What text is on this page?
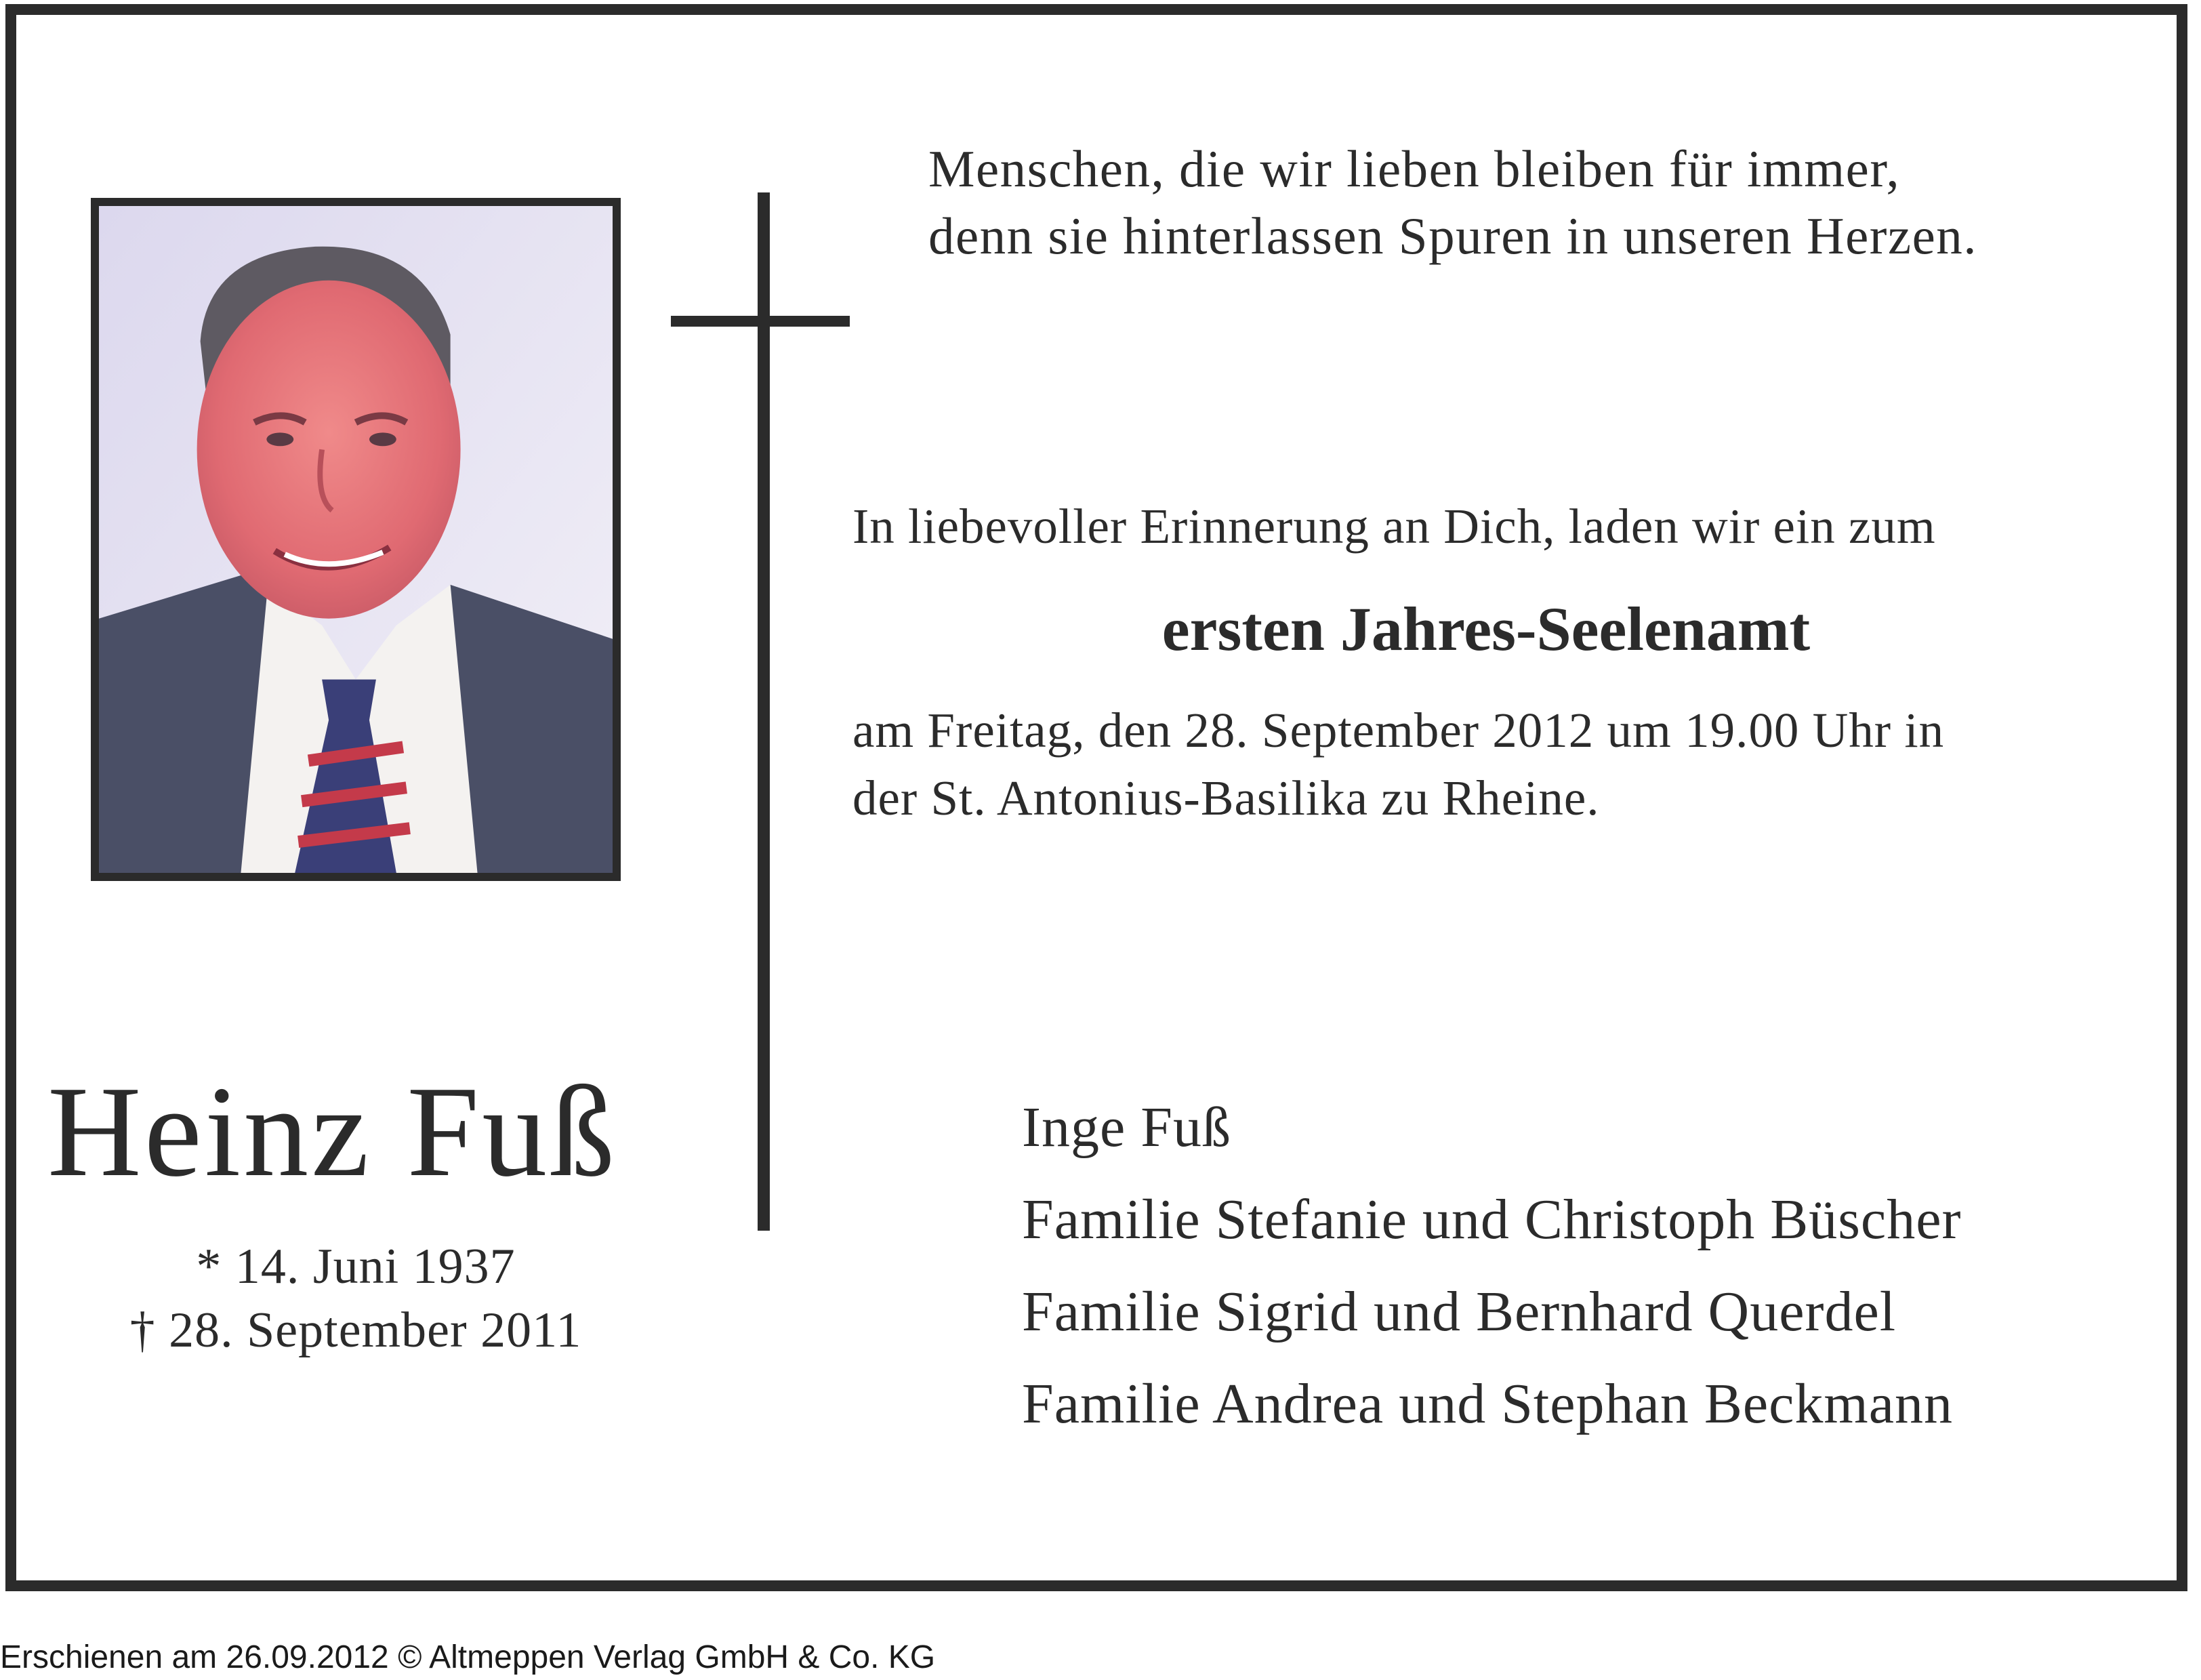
Menschen, die wir lieben bleiben für immer,
denn sie hinterlassen Spuren in unseren Herzen.
In liebevoller Erinnerung an Dich, laden wir ein zum
ersten Jahres-Seelenamt
am Freitag, den 28. September 2012 um 19.00 Uhr in
der St. Antonius-Basilika zu Rheine.
Heinz Fuß
* 14. Juni 1937
† 28. September 2011
Inge Fuß
Familie Stefanie und Christoph Büscher
Familie Sigrid und Bernhard Querdel
Familie Andrea und Stephan Beckmann
Erschienen am 26.09.2012 © Altmeppen Verlag GmbH & Co. KG
